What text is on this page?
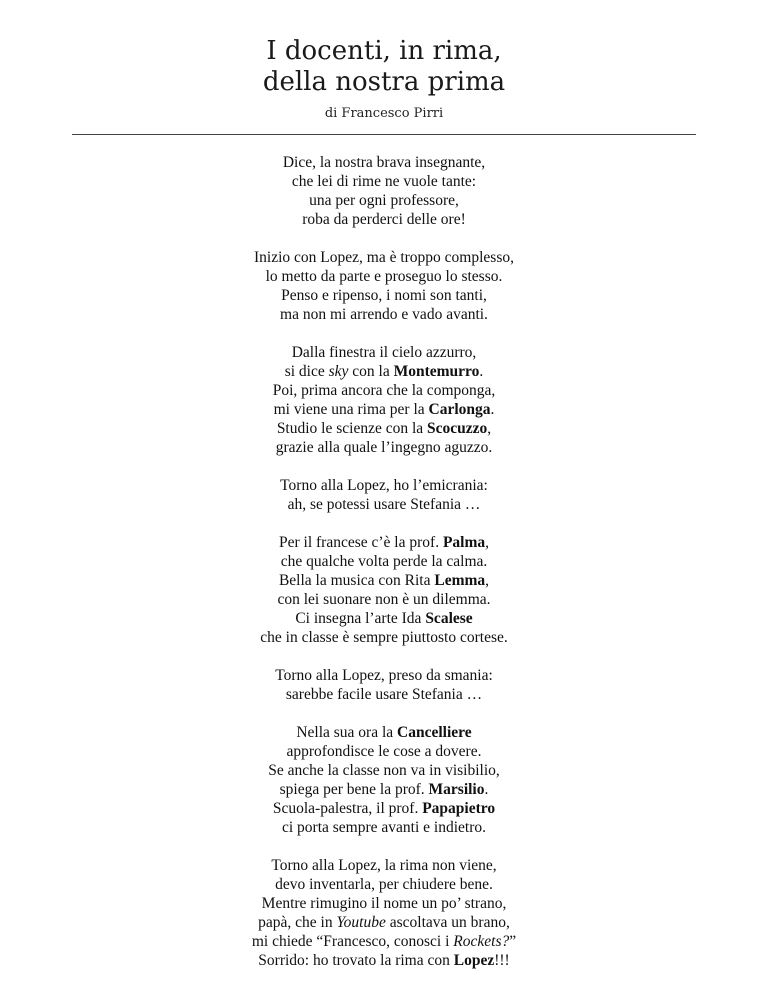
I docenti, in rima,
della nostra prima
di Francesco Pirri
Dice, la nostra brava insegnante,
che lei di rime ne vuole tante:
una per ogni professore,
roba da perderci delle ore!
Inizio con Lopez, ma è troppo complesso,
lo metto da parte e proseguo lo stesso.
Penso e ripenso, i nomi son tanti,
ma non mi arrendo e vado avanti.
Dalla finestra il cielo azzurro,
si dice sky con la Montemurro.
Poi, prima ancora che la componga,
mi viene una rima per la Carlonga.
Studio le scienze con la Scocuzzo,
grazie alla quale l’ingegno aguzzo.
Torno alla Lopez, ho l’emicrania:
ah, se potessi usare Stefania …
Per il francese c’è la prof. Palma,
che qualche volta perde la calma.
Bella la musica con Rita Lemma,
con lei suonare non è un dilemma.
Ci insegna l’arte Ida Scalese
che in classe è sempre piuttosto cortese.
Torno alla Lopez, preso da smania:
sarebbe facile usare Stefania …
Nella sua ora la Cancelliere
approfondisce le cose a dovere.
Se anche la classe non va in visibilio,
spiega per bene la prof. Marsilio.
Scuola-palestra, il prof. Papapietro
ci porta sempre avanti e indietro.
Torno alla Lopez, la rima non viene,
devo inventarla, per chiudere bene.
Mentre rimugino il nome un po’ strano,
papà, che in Youtube ascoltava un brano,
mi chiede “Francesco, conosci i Rockets?”
Sorrido: ho trovato la rima con Lopez!!!
